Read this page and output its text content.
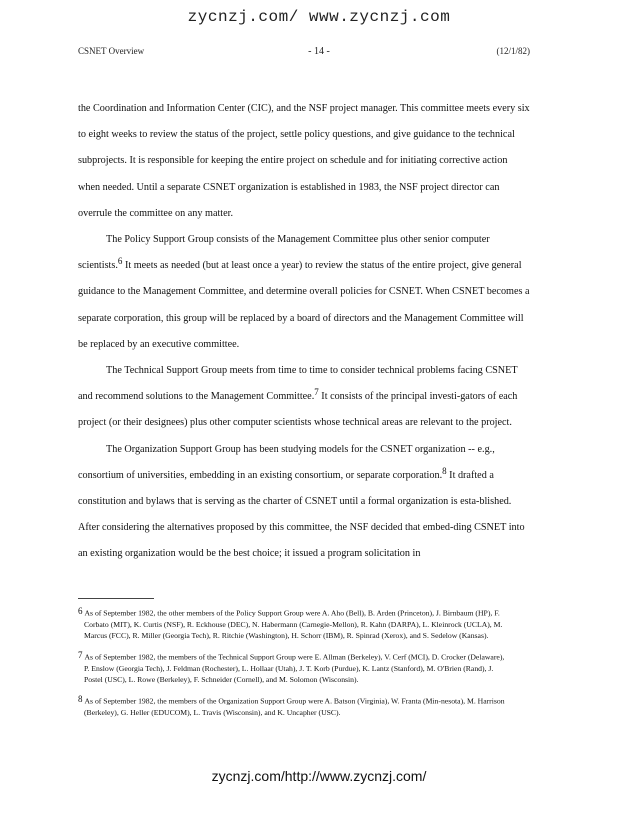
zycnzj.com/ www.zycnzj.com
CSNET Overview	- 14 -	(12/1/82)

the Coordination and Information Center (CIC), and the NSF project manager. This committee meets every six to eight weeks to review the status of the project, settle policy questions, and give guidance to the technical subprojects. It is responsible for keeping the entire project on schedule and for initiating corrective action when needed. Until a separate CSNET organization is established in 1983, the NSF project director can overrule the committee on any matter.

The Policy Support Group consists of the Management Committee plus other senior computer scientists.$^6$ It meets as needed (but at least once a year) to review the status of the entire project, give general guidance to the Management Committee, and determine overall policies for CSNET. When CSNET becomes a separate corporation, this group will be replaced by a board of directors and the Management Committee will be replaced by an executive committee.

The Technical Support Group meets from time to time to consider technical problems facing CSNET and recommend solutions to the Management Committee.$^7$ It consists of the principal investi-gators of each project (or their designees) plus other computer scientists whose technical areas are relevant to the project.

The Organization Support Group has been studying models for the CSNET organization -- e.g., consortium of universities, embedding in an existing consortium, or separate corporation.$^8$ It drafted a constitution and bylaws that is serving as the charter of CSNET until a formal organization is esta-blished. After considering the alternatives proposed by this committee, the NSF decided that embed-ding CSNET into an existing organization would be the best choice; it issued a program solicitation in

6 As of September 1982, the other members of the Policy Support Group were A. Aho (Bell), B. Arden (Princeton), J. Birnbaum (HP), F. Corbato (MIT), K. Curtis (NSF), R. Eckhouse (DEC), N. Habermann (Carnegie-Mellon), R. Kahn (DARPA), L. Kleinrock (UCLA), M. Marcus (FCC), R. Miller (Georgia Tech), R. Ritchie (Washington), H. Schorr (IBM), R. Spinrad (Xerox), and S. Sedelow (Kansas).

7 As of September 1982, the members of the Technical Support Group were E. Allman (Berkeley), V. Cerf (MCI), D. Crocker (Delaware), P. Enslow (Georgia Tech), J. Feldman (Rochester), L. Hollaar (Utah), J. T. Korb (Purdue), K. Lantz (Stanford), M. O'Brien (Rand), J. Postel (USC), L. Rowe (Berkeley), F. Schneider (Cornell), and M. Solomon (Wisconsin).

8 As of September 1982, the members of the Organization Support Group were A. Batson (Virginia), W. Franta (Min-nesota), M. Harrison (Berkeley), G. Heller (EDUCOM), L. Travis (Wisconsin), and K. Uncapher (USC).

zycnzj.com/http://www.zycnzj.com/
